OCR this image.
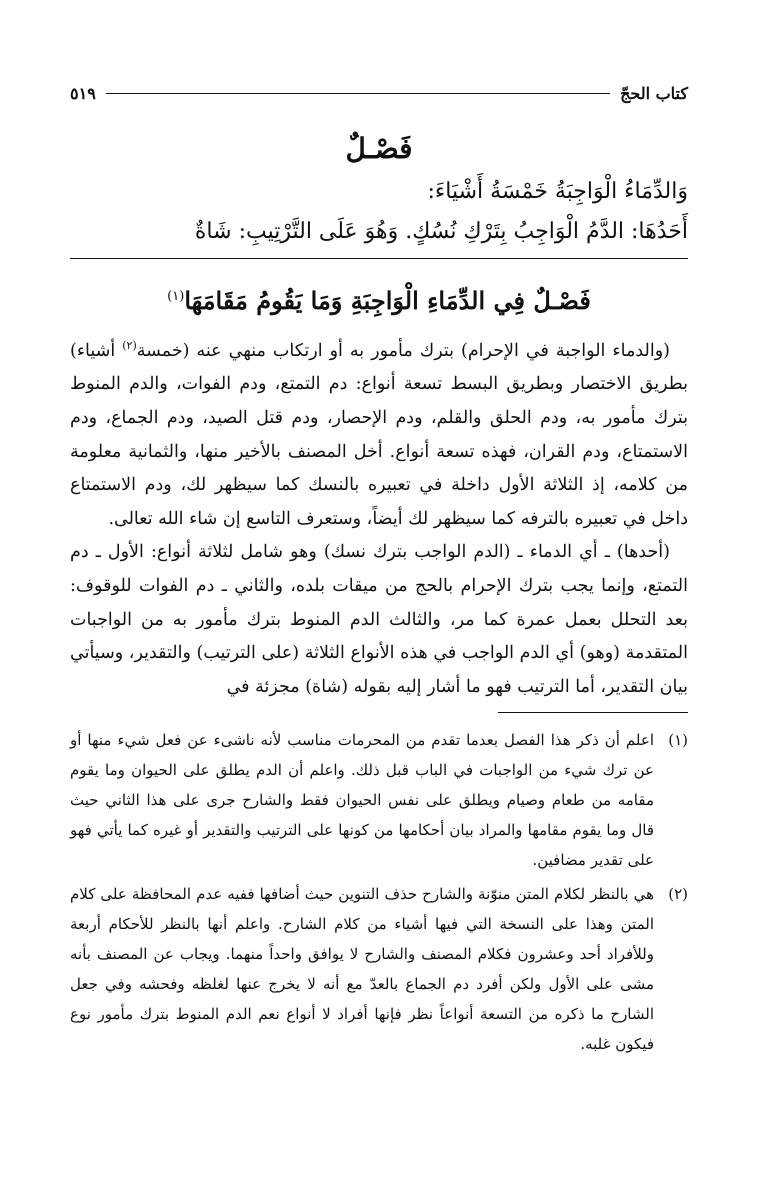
كتاب الحجّ
٥١٩
فَصْـلٌ
وَالدِّمَاءُ الْوَاجِبَةُ خَمْسَةُ أَشْيَاءَ:
أَحَدُهَا: الدَّمُ الْوَاجِبُ بِتَرْكِ نُسُكٍ. وَهُوَ عَلَى التَّرْتِيبِ: شَاةٌ
فَصْـلٌ فِي الدِّمَاءِ الْوَاجِبَةِ وَمَا يَقُومُ مَقَامَهَا$^{(١)}$

(والدماء الواجبة في الإحرام) بترك مأمور به أو ارتكاب منهي عنه (خمسة$^{(٢)}$ أشياء) بطريق الاختصار وبطريق البسط تسعة أنواع: دم التمتع، ودم الفوات، والدم المنوط بترك مأمور به، ودم الحلق والقلم، ودم الإحصار، ودم قتل الصيد، ودم الجماع، ودم الاستمتاع، ودم القران، فهذه تسعة أنواع. أخل المصنف بالأخير منها، والثمانية معلومة من كلامه، إذ الثلاثة الأول داخلة في تعبيره بالنسك كما سيظهر لك، ودم الاستمتاع داخل في تعبيره بالترفه كما سيظهر لك أيضاً، وستعرف التاسع إن شاء الله تعالى.

(أحدها) ـ أي الدماء ـ (الدم الواجب بترك نسك) وهو شامل لثلاثة أنواع: الأول ـ دم التمتع، وإنما يجب بترك الإحرام بالحج من ميقات بلده، والثاني ـ دم الفوات للوقوف: بعد التحلل بعمل عمرة كما مر، والثالث الدم المنوط بترك مأمور به من الواجبات المتقدمة (وهو) أي الدم الواجب في هذه الأنواع الثلاثة (على الترتيب) والتقدير، وسيأتي بيان التقدير، أما الترتيب فهو ما أشار إليه بقوله (شاة) مجزئة في

(١)
اعلم أن ذكر هذا الفصل بعدما تقدم من المحرمات مناسب لأنه ناشىء عن فعل شيء منها أو عن ترك شيء من الواجبات في الباب قبل ذلك. واعلم أن الدم يطلق على الحيوان وما يقوم مقامه من طعام وصيام ويطلق على نفس الحيوان فقط والشارح جرى على هذا الثاني حيث قال وما يقوم مقامها والمراد بيان أحكامها من كونها على الترتيب والتقدير أو غيره كما يأتي فهو على تقدير مضافين.
(٢)
هي بالنظر لكلام المتن منوّنة والشارح حذف التنوين حيث أضافها ففيه عدم المحافظة على كلام المتن وهذا على النسخة التي فيها أشياء من كلام الشارح. واعلم أنها بالنظر للأحكام أربعة وللأفراد أحد وعشرون فكلام المصنف والشارح لا يوافق واحداً منهما. ويجاب عن المصنف بأنه مشى على الأول ولكن أفرد دم الجماع بالعدّ مع أنه لا يخرج عنها لغلظه وفحشه وفي جعل الشارح ما ذكره من التسعة أنواعاً نظر فإنها أفراد لا أنواع نعم الدم المنوط بترك مأمور نوع فيكون غلبه.
